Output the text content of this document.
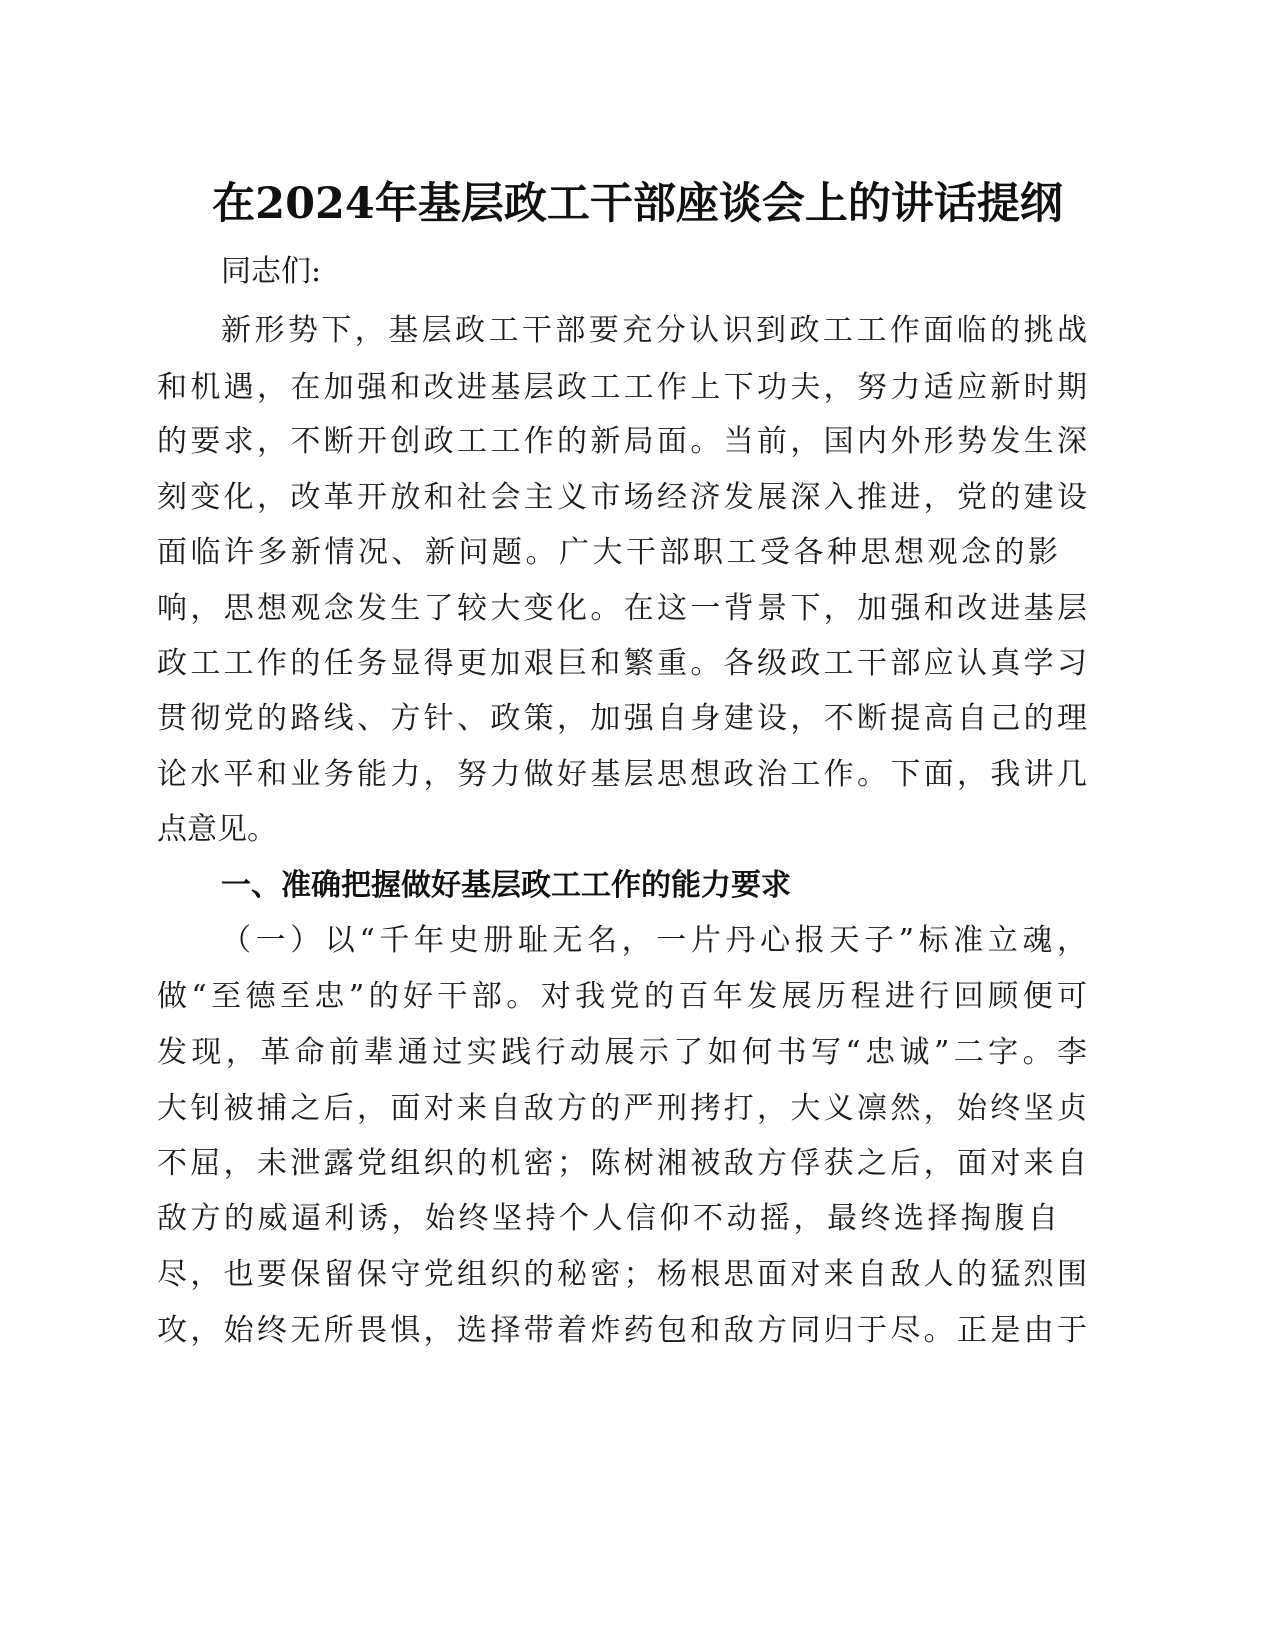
在2024年基层政工干部座谈会上的讲话提纲
同志们:
新形势下，基层政工干部要充分认识到政工工作面临的挑战
和机遇，在加强和改进基层政工工作上下功夫，努力适应新时期
的要求，不断开创政工工作的新局面。当前，国内外形势发生深
刻变化，改革开放和社会主义市场经济发展深入推进，党的建设
面临许多新情况、新问题。广大干部职工受各种思想观念的影
响，思想观念发生了较大变化。在这一背景下，加强和改进基层
政工工作的任务显得更加艰巨和繁重。各级政工干部应认真学习
贯彻党的路线、方针、政策，加强自身建设，不断提高自己的理
论水平和业务能力，努力做好基层思想政治工作。下面，我讲几
点意见。
一、准确把握做好基层政工工作的能力要求
（一）以“千年史册耻无名，一片丹心报天子”标准立魂，
做“至德至忠”的好干部。对我党的百年发展历程进行回顾便可
发现，革命前辈通过实践行动展示了如何书写“忠诚”二字。李
大钊被捕之后，面对来自敌方的严刑拷打，大义凛然，始终坚贞
不屈，未泄露党组织的机密；陈树湘被敌方俘获之后，面对来自
敌方的威逼利诱，始终坚持个人信仰不动摇，最终选择掏腹自
尽，也要保留保守党组织的秘密；杨根思面对来自敌人的猛烈围
攻，始终无所畏惧，选择带着炸药包和敌方同归于尽。正是由于
